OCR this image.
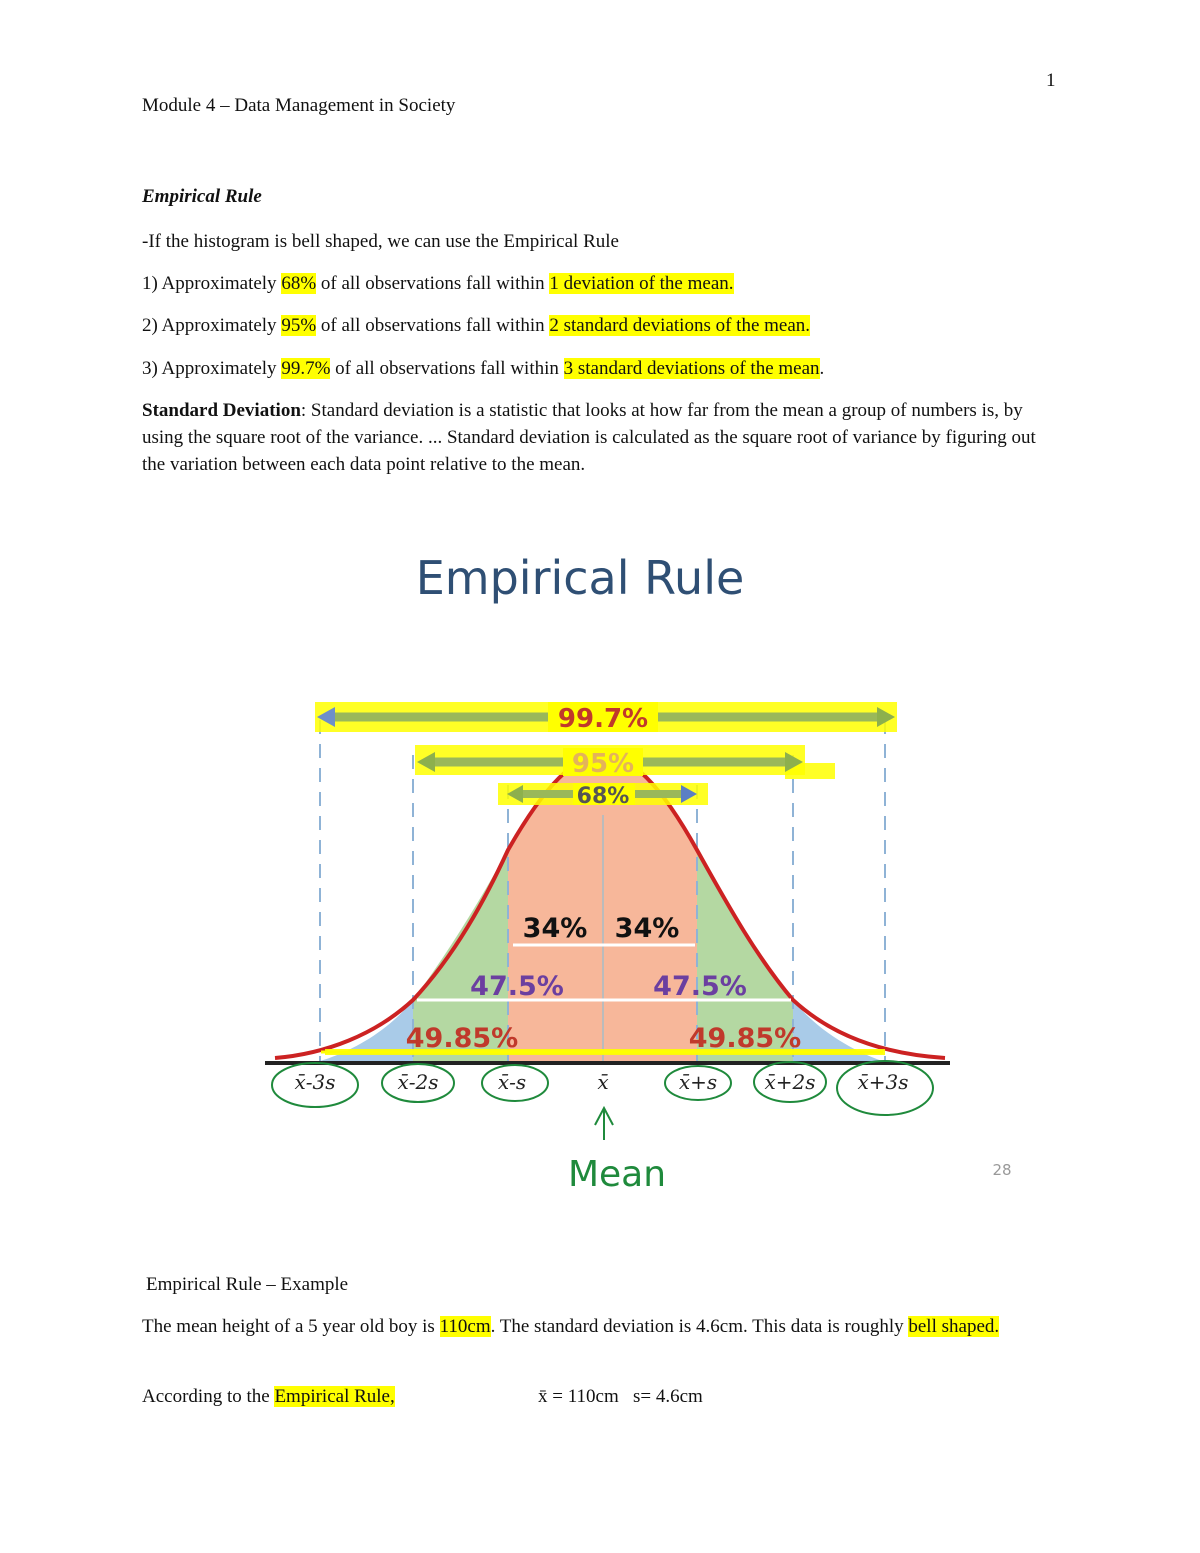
1
Module 4 – Data Management in Society
Empirical Rule

-If the histogram is bell shaped, we can use the Empirical Rule

1) Approximately 68% of all observations fall within 1 deviation of the mean.

2) Approximately 95% of all observations fall within 2 standard deviations of the mean.

3) Approximately 99.7% of all observations fall within 3 standard deviations of the mean.

Standard Deviation: Standard deviation is a statistic that looks at how far from the mean a group of numbers is, by using the square root of the variance. ... Standard deviation is calculated as the square root of variance by figuring out the variation between each data point relative to the mean.

Empirical Rule
99.7%
95%
68%
34% 34%
47.5%	47.5%
49.85%	49.85%
x̄-3s	x̄-2s	x̄-s	x̄	x̄+s x̄+2s x̄+3s
Mean	28

Empirical Rule – Example

The mean height of a 5 year old boy is 110cm. The standard deviation is 4.6cm. This data is roughly bell shaped.

According to the Empirical Rule,	x̄ = 110cm   s= 4.6cm
